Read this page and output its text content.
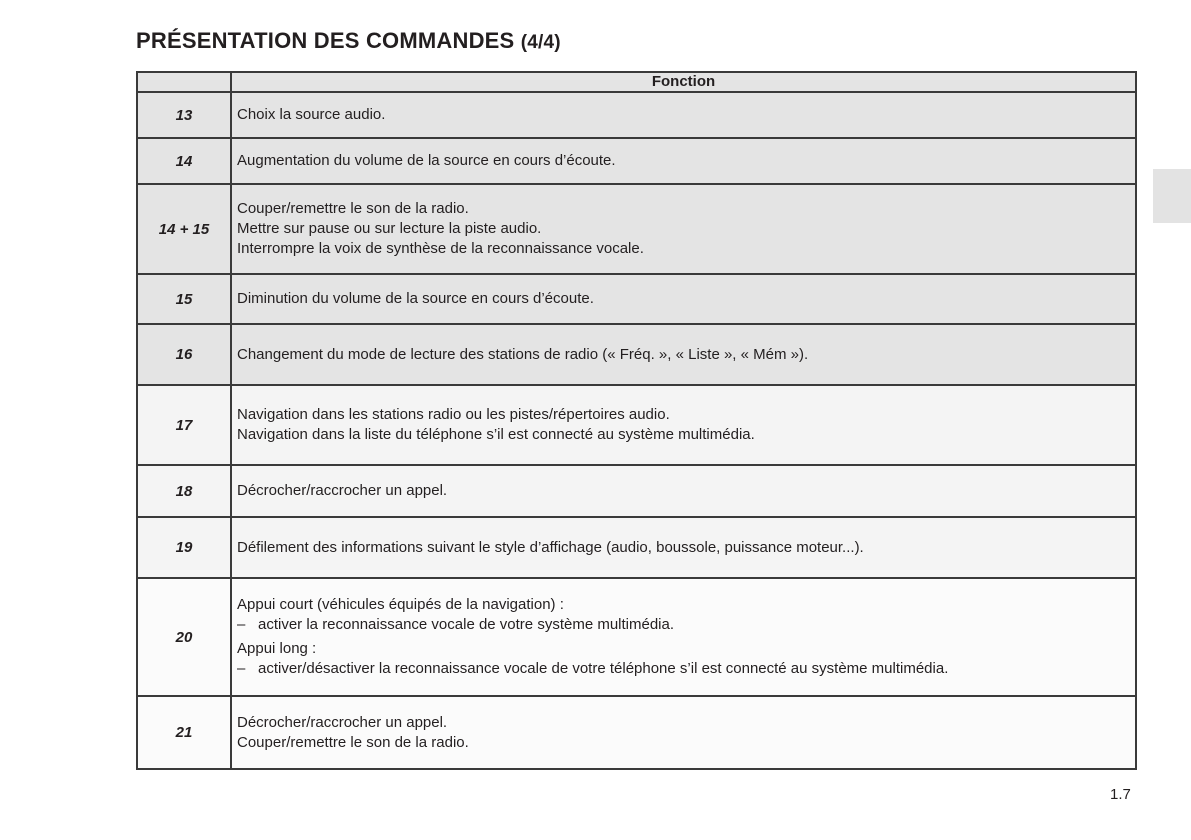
PRÉSENTATION DES COMMANDES (4/4)
	Fonction
13	Choix la source audio.

14	Augmentation du volume de la source en cours d’écoute.

14 + 15	Couper/remettre le son de la radio.
Mettre sur pause ou sur lecture la piste audio.
Interrompre la voix de synthèse de la reconnaissance vocale.

15	Diminution du volume de la source en cours d’écoute.

16	Changement du mode de lecture des stations de radio (« Fréq. », « Liste », « Mém »).

17	Navigation dans les stations radio ou les pistes/répertoires audio.
Navigation dans la liste du téléphone s’il est connecté au système multimédia.

18	Décrocher/raccrocher un appel.

19	Défilement des informations suivant le style d’affichage (audio, boussole, puissance moteur...).

20	Appui court (véhicules équipés de la navigation) :
– activer la reconnaissance vocale de votre système multimédia.
Appui long :
– activer/désactiver la reconnaissance vocale de votre téléphone s’il est connecté au système multimédia.

21	Décrocher/raccrocher un appel.
Couper/remettre le son de la radio.
1.7
